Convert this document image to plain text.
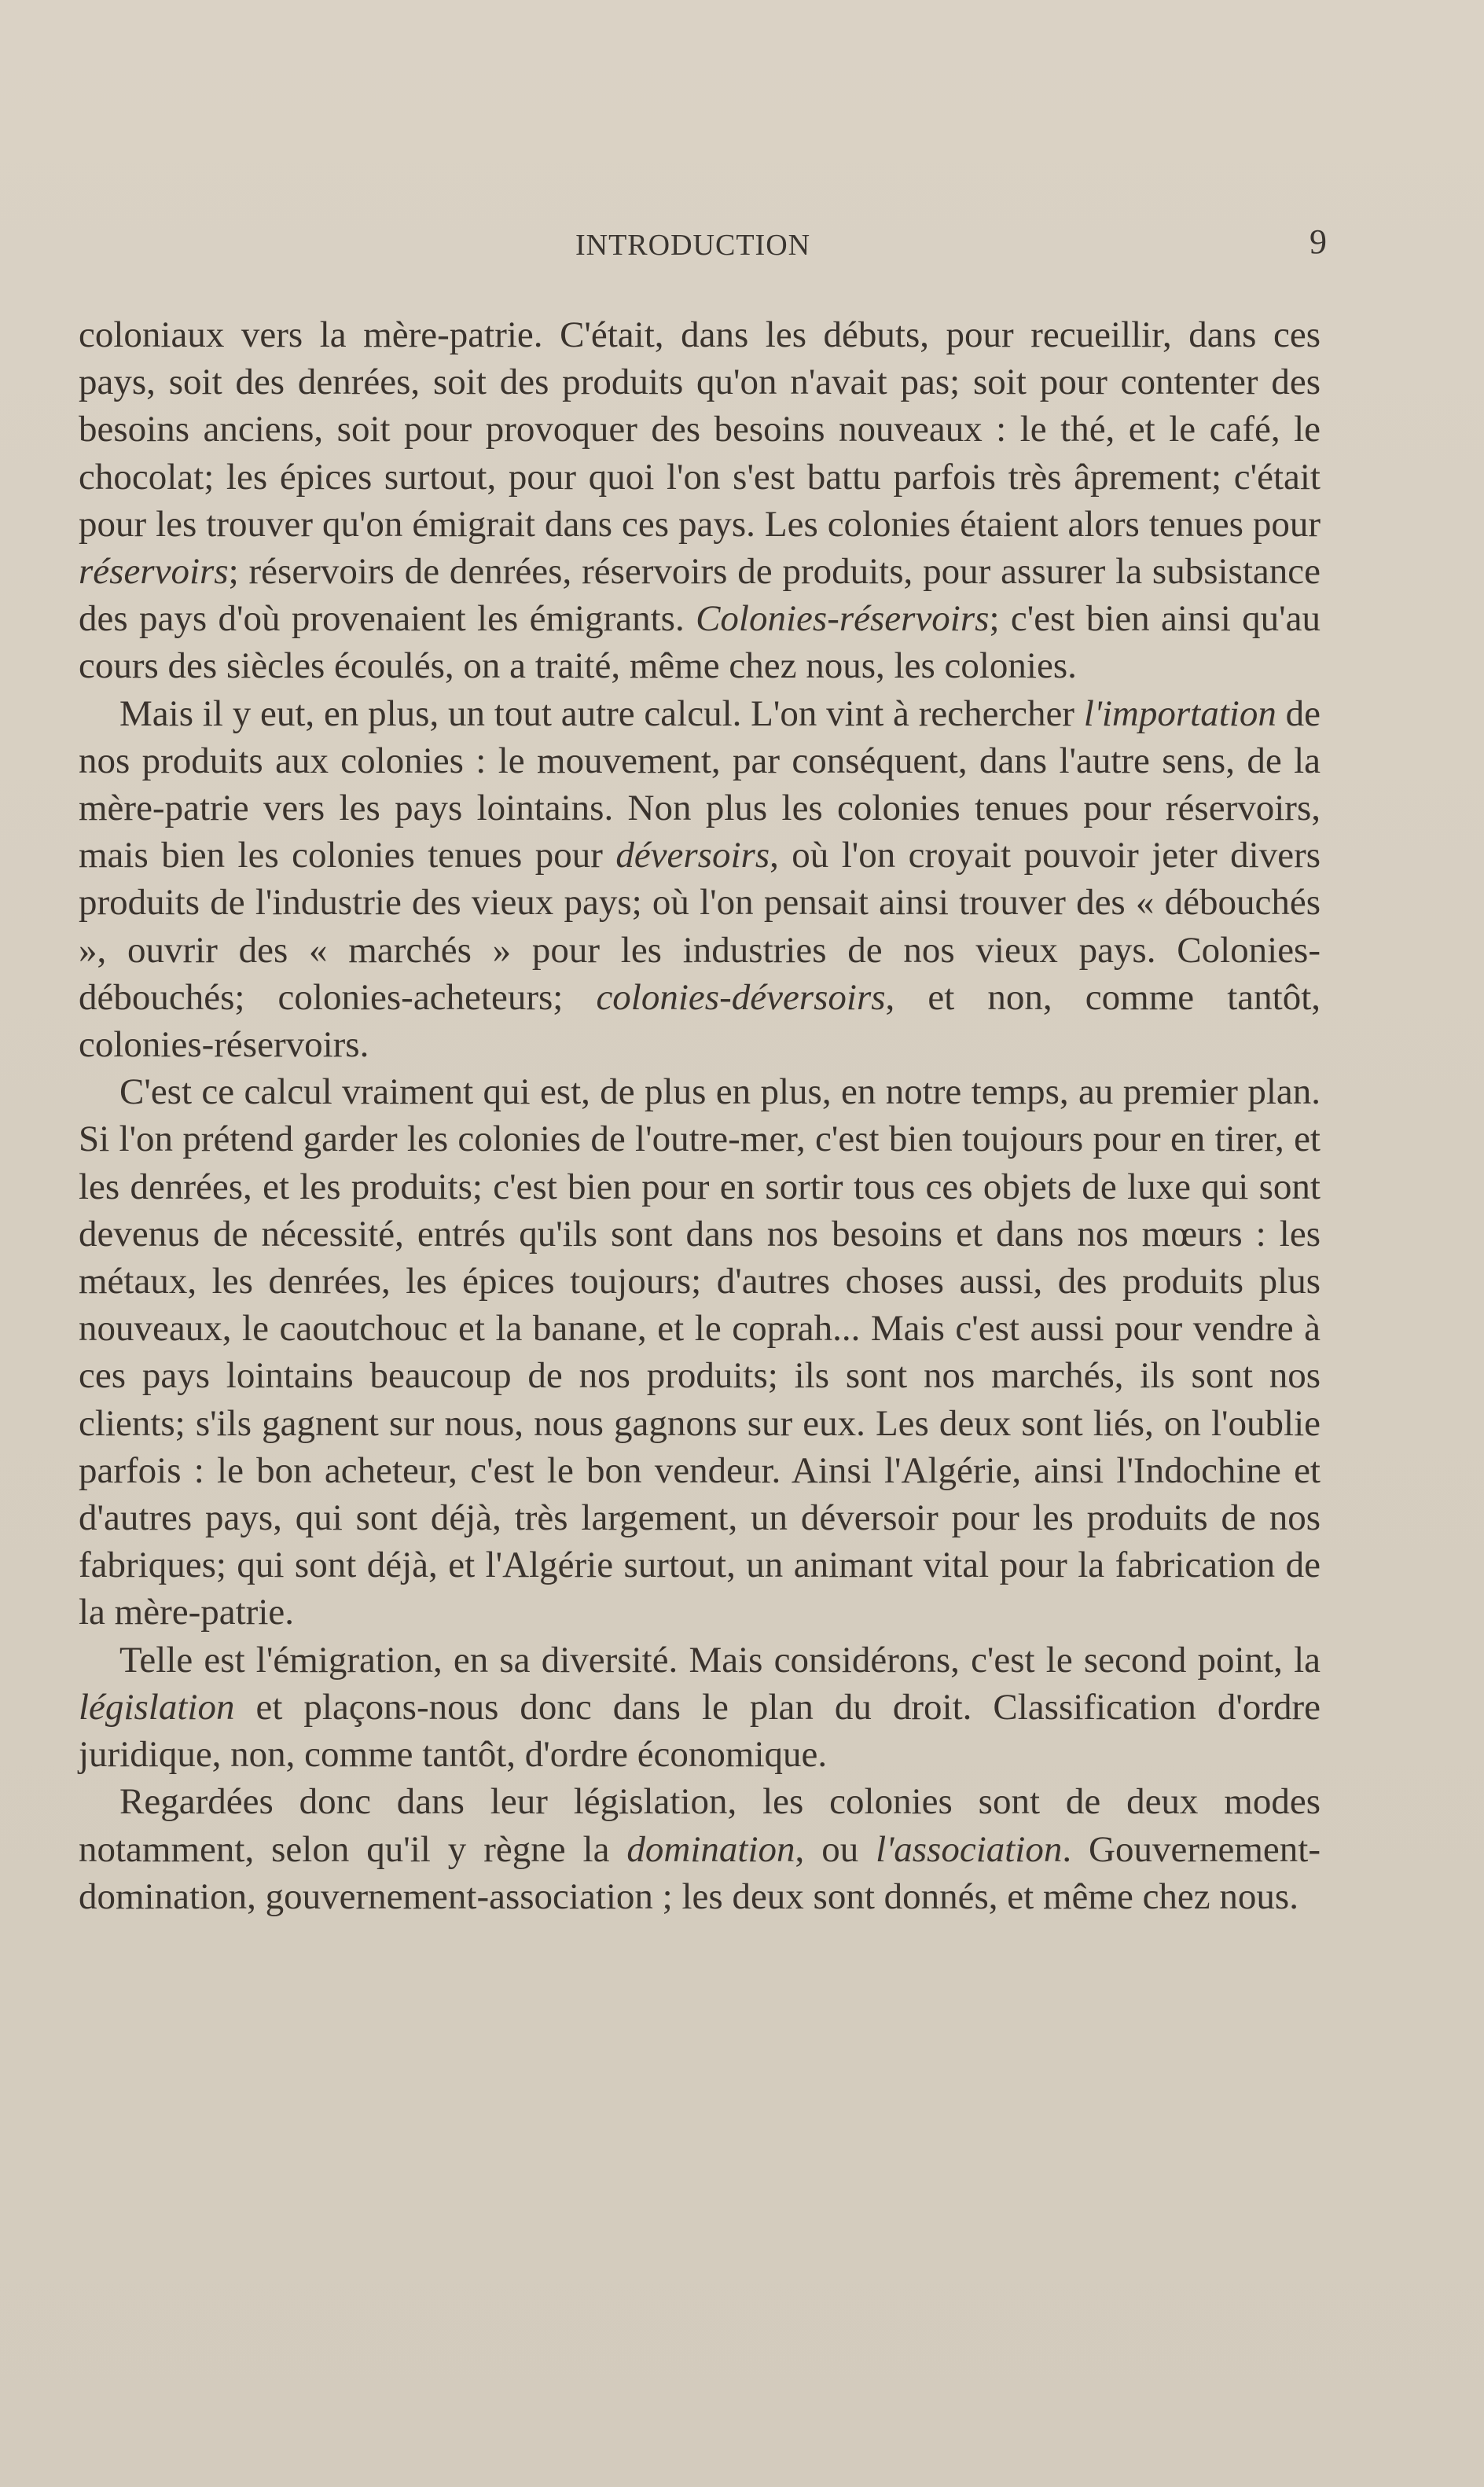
INTRODUCTION	9

coloniaux vers la mère-patrie. C'était, dans les débuts, pour recueillir, dans ces pays, soit des denrées, soit des produits qu'on n'avait pas; soit pour contenter des besoins anciens, soit pour provoquer des besoins nouveaux : le thé, et le café, le chocolat; les épices surtout, pour quoi l'on s'est battu parfois très âprement; c'était pour les trouver qu'on émigrait dans ces pays. Les colonies étaient alors tenues pour réservoirs; réservoirs de denrées, réservoirs de produits, pour assurer la subsistance des pays d'où provenaient les émigrants. Colonies-réservoirs; c'est bien ainsi qu'au cours des siècles écoulés, on a traité, même chez nous, les colonies.

Mais il y eut, en plus, un tout autre calcul. L'on vint à rechercher l'importation de nos produits aux colonies : le mouvement, par conséquent, dans l'autre sens, de la mère-patrie vers les pays lointains. Non plus les colonies tenues pour réservoirs, mais bien les colonies tenues pour déversoirs, où l'on croyait pouvoir jeter divers produits de l'industrie des vieux pays; où l'on pensait ainsi trouver des « débouchés », ouvrir des « marchés » pour les industries de nos vieux pays. Colonies-débouchés; colonies-acheteurs; colonies-déversoirs, et non, comme tantôt, colonies-réservoirs.

C'est ce calcul vraiment qui est, de plus en plus, en notre temps, au premier plan. Si l'on prétend garder les colonies de l'outre-mer, c'est bien toujours pour en tirer, et les denrées, et les produits; c'est bien pour en sortir tous ces objets de luxe qui sont devenus de nécessité, entrés qu'ils sont dans nos besoins et dans nos mœurs : les métaux, les denrées, les épices toujours; d'autres choses aussi, des produits plus nouveaux, le caoutchouc et la banane, et le coprah... Mais c'est aussi pour vendre à ces pays lointains beaucoup de nos produits; ils sont nos marchés, ils sont nos clients; s'ils gagnent sur nous, nous gagnons sur eux. Les deux sont liés, on l'oublie parfois : le bon acheteur, c'est le bon vendeur. Ainsi l'Algérie, ainsi l'Indochine et d'autres pays, qui sont déjà, très largement, un déversoir pour les produits de nos fabriques; qui sont déjà, et l'Algérie surtout, un animant vital pour la fabrication de la mère-patrie.

Telle est l'émigration, en sa diversité. Mais considérons, c'est le second point, la législation et plaçons-nous donc dans le plan du droit. Classification d'ordre juridique, non, comme tantôt, d'ordre économique.

Regardées donc dans leur législation, les colonies sont de deux modes notamment, selon qu'il y règne la domination, ou l'association. Gouvernement-domination, gouvernement-association ; les deux sont donnés, et même chez nous.
